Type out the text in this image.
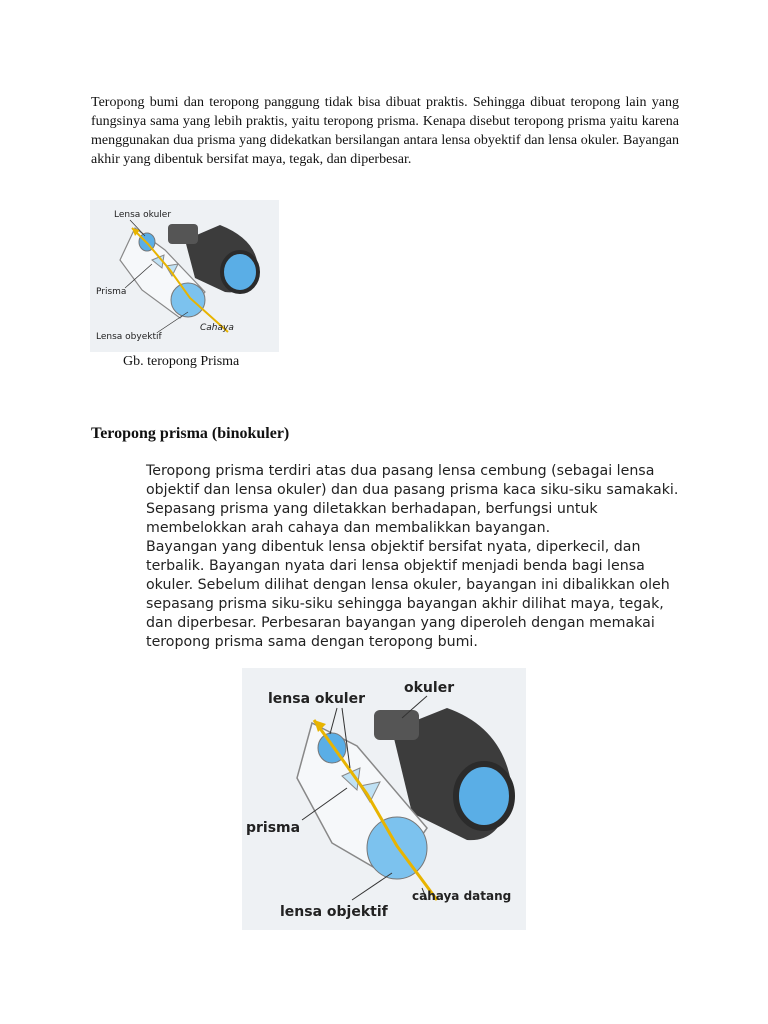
Teropong bumi dan teropong panggung tidak bisa dibuat praktis. Sehingga dibuat teropong lain yang fungsinya sama yang lebih praktis, yaitu teropong prisma. Kenapa disebut teropong prisma yaitu karena menggunakan dua prisma yang didekatkan bersilangan antara lensa obyektif dan lensa okuler. Bayangan akhir yang dibentuk bersifat maya, tegak, dan diperbesar.

Lensa okuler
Prisma
Cahaya
Lensa obyektif

Gb. teropong Prisma

Teropong prisma (binokuler)

Teropong prisma terdiri atas dua pasang lensa cembung (sebagai lensa objektif dan lensa okuler) dan dua pasang prisma kaca siku-siku samakaki. Sepasang prisma yang diletakkan berhadapan, berfungsi untuk membelokkan arah cahaya dan membalikkan bayangan.

Bayangan yang dibentuk lensa objektif bersifat nyata, diperkecil, dan terbalik. Bayangan nyata dari lensa objektif menjadi benda bagi lensa okuler. Sebelum dilihat dengan lensa okuler, bayangan ini dibalikkan oleh sepasang prisma siku-siku sehingga bayangan akhir dilihat maya, tegak, dan diperbesar. Perbesaran bayangan yang diperoleh dengan memakai teropong prisma sama dengan teropong bumi.

lensa okuler
okuler
prisma
lensa objektif
cahaya datang
